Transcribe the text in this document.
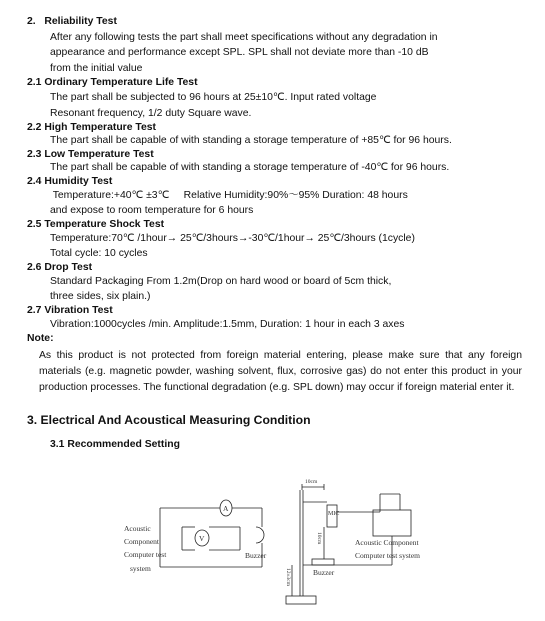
2. Reliability Test
After any following tests the part shall meet specifications without any degradation in
appearance and performance except SPL. SPL shall not deviate more than -10 dB
from the initial value
2.1 Ordinary Temperature Life Test
The part shall be subjected to 96 hours at 25±10℃. Input rated voltage
Resonant frequency, 1/2 duty Square wave.
2.2 High Temperature Test
The part shall be capable of with standing a storage temperature of +85℃ for 96 hours.
2.3 Low Temperature Test
The part shall be capable of with standing a storage temperature of -40℃ for 96 hours.
2.4 Humidity Test
Temperature:+40℃ ±3℃     Relative Humidity:90%～95% Duration: 48 hours
and expose to room temperature for 6 hours
2.5 Temperature Shock Test
Temperature:70℃ /1hour→ 25℃/3hours→-30℃/1hour→ 25℃/3hours (1cycle)
Total cycle: 10 cycles
2.6 Drop Test
Standard Packaging From 1.2m(Drop on hard wood or board of 5cm thick,
three sides, six plain.)
2.7 Vibration Test
Vibration:1000cycles /min. Amplitude:1.5mm, Duration: 1 hour in each 3 axes
Note:
As this product is not protected from foreign material entering, please make sure that any foreign
materials (e.g. magnetic powder, washing solvent, flux, corrosive gas) do not enter this product in your
production processes. The functional degradation (e.g. SPL down) may occur if foreign material enter it.
3. Electrical And Acoustical Measuring Condition
3.1 Recommended Setting
Acoustic
Component
Computer test
system
A
V
Buzzer
10cm
MIC
10cm
Buzzer
12±3cm
Acoustic Component
Computer test system
